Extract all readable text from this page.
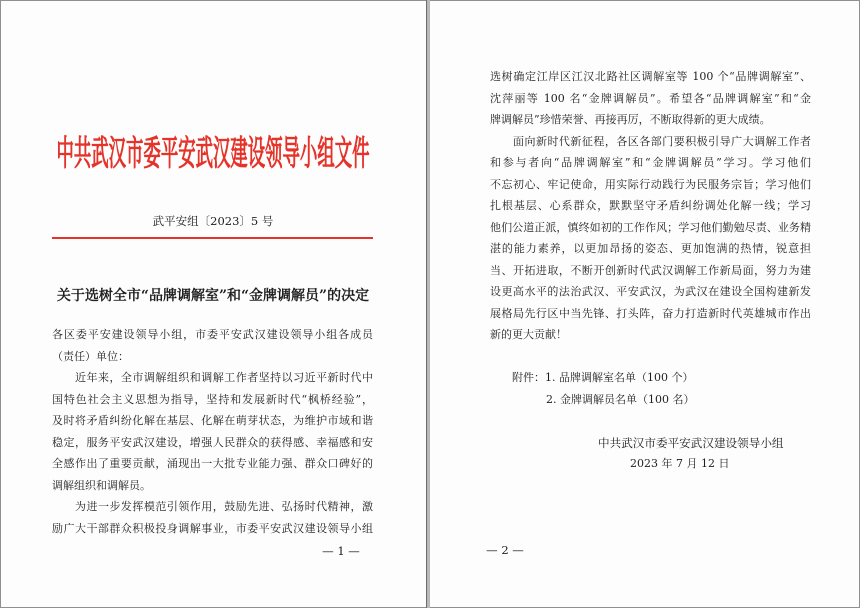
中共武汉市委平安武汉建设领导小组文件
武平安组〔2023〕5 号
关于选树全市“品牌调解室”和“金牌调解员”的决定
各区委平安建设领导小组，市委平安武汉建设领导小组各成员
（责任）单位：
近年来，全市调解组织和调解工作者坚持以习近平新时代中
国特色社会主义思想为指导，坚持和发展新时代“枫桥经验”，
及时将矛盾纠纷化解在基层、化解在萌芽状态，为维护市域和谐
稳定，服务平安武汉建设，增强人民群众的获得感、幸福感和安
全感作出了重要贡献，涌现出一大批专业能力强、群众口碑好的
调解组织和调解员。
为进一步发挥模范引领作用，鼓励先进、弘扬时代精神，激
励广大干部群众积极投身调解事业，市委平安武汉建设领导小组
— 1 —
选树确定江岸区江汉北路社区调解室等 100 个“品牌调解室”、
沈萍丽等 100 名“金牌调解员”。希望各“品牌调解室”和“金
牌调解员”珍惜荣誉、再接再厉，不断取得新的更大成绩。
面向新时代新征程，各区各部门要积极引导广大调解工作者
和参与者向“品牌调解室”和“金牌调解员”学习。学习他们
不忘初心、牢记使命，用实际行动践行为民服务宗旨；学习他们
扎根基层、心系群众，默默坚守矛盾纠纷调处化解一线；学习
他们公道正派，慎终如初的工作作风；学习他们勤勉尽责、业务精
湛的能力素养，以更加昂扬的姿态、更加饱满的热情，锐意担
当、开拓进取，不断开创新时代武汉调解工作新局面，努力为建
设更高水平的法治武汉、平安武汉，为武汉在建设全国构建新发
展格局先行区中当先锋、打头阵，奋力打造新时代英雄城市作出
新的更大贡献！
附件：1. 品牌调解室名单（100 个）
2. 金牌调解员名单（100 名）
中共武汉市委平安武汉建设领导小组
2023 年 7 月 12 日
— 2 —
